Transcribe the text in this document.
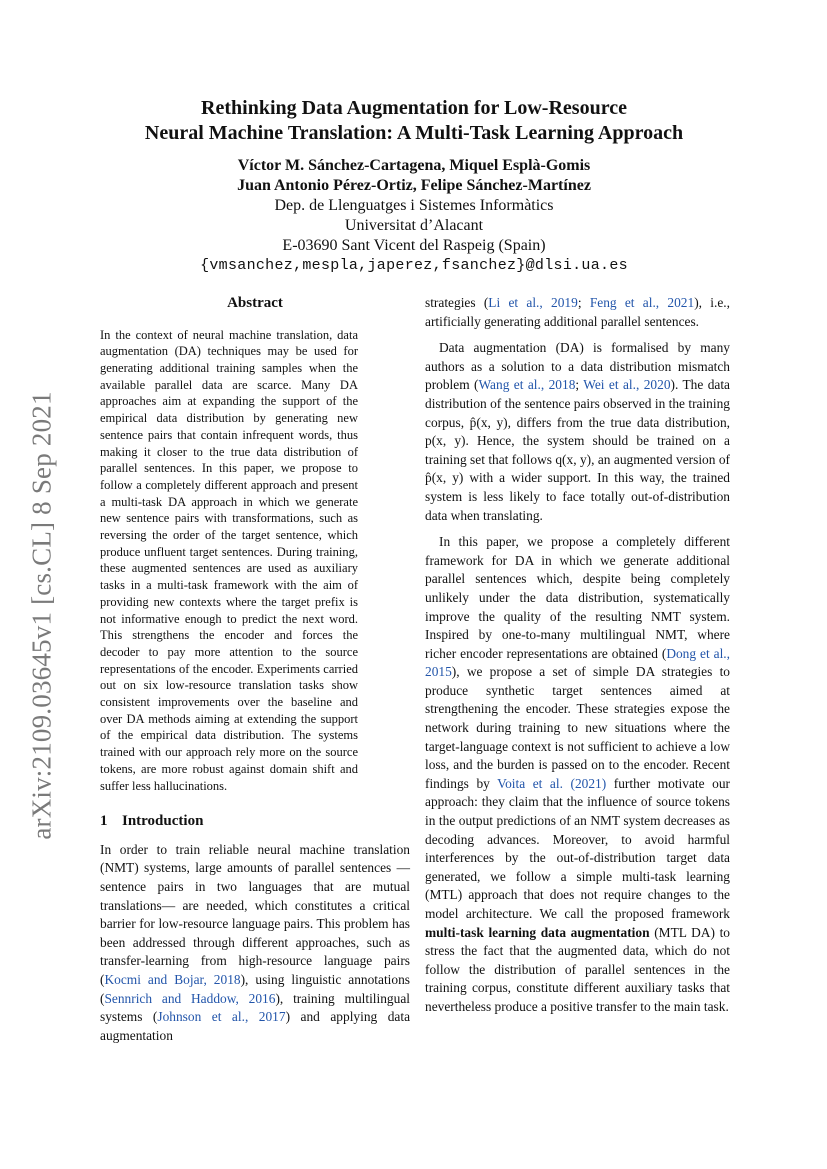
arXiv:2109.03645v1 [cs.CL] 8 Sep 2021
Rethinking Data Augmentation for Low-Resource
Neural Machine Translation: A Multi-Task Learning Approach
Víctor M. Sánchez-Cartagena, Miquel Esplà-Gomis
Juan Antonio Pérez-Ortiz, Felipe Sánchez-Martínez
Dep. de Llenguatges i Sistemes Informàtics
Universitat d’Alacant
E-03690 Sant Vicent del Raspeig (Spain)
{vmsanchez,mespla,japerez,fsanchez}@dlsi.ua.es
Abstract

In the context of neural machine translation, data augmentation (DA) techniques may be used for generating additional training samples when the available parallel data are scarce. Many DA approaches aim at expanding the support of the empirical data distribution by generating new sentence pairs that contain infrequent words, thus making it closer to the true data distribution of parallel sentences. In this paper, we propose to follow a completely different approach and present a multi-task DA approach in which we generate new sentence pairs with transformations, such as reversing the order of the target sentence, which produce unfluent target sentences. During training, these augmented sentences are used as auxiliary tasks in a multi-task framework with the aim of providing new contexts where the target prefix is not informative enough to predict the next word. This strengthens the encoder and forces the decoder to pay more attention to the source representations of the encoder. Experiments carried out on six low-resource translation tasks show consistent improvements over the baseline and over DA methods aiming at extending the support of the empirical data distribution. The systems trained with our approach rely more on the source tokens, are more robust against domain shift and suffer less hallucinations.

1 Introduction

In order to train reliable neural machine translation (NMT) systems, large amounts of parallel sentences —sentence pairs in two languages that are mutual translations— are needed, which constitutes a critical barrier for low-resource language pairs. This problem has been addressed through different approaches, such as transfer-learning from high-resource language pairs (Kocmi and Bojar, 2018), using linguistic annotations (Sennrich and Haddow, 2016), training multilingual systems (Johnson et al., 2017) and applying data augmentation

strategies (Li et al., 2019; Feng et al., 2021), i.e., artificially generating additional parallel sentences.

Data augmentation (DA) is formalised by many authors as a solution to a data distribution mismatch problem (Wang et al., 2018; Wei et al., 2020). The data distribution of the sentence pairs observed in the training corpus, p̂(x, y), differs from the true data distribution, p(x, y). Hence, the system should be trained on a training set that follows q(x, y), an augmented version of p̂(x, y) with a wider support. In this way, the trained system is less likely to face totally out-of-distribution data when translating.

In this paper, we propose a completely different framework for DA in which we generate additional parallel sentences which, despite being completely unlikely under the data distribution, systematically improve the quality of the resulting NMT system. Inspired by one-to-many multilingual NMT, where richer encoder representations are obtained (Dong et al., 2015), we propose a set of simple DA strategies to produce synthetic target sentences aimed at strengthening the encoder. These strategies expose the network during training to new situations where the target-language context is not sufficient to achieve a low loss, and the burden is passed on to the encoder. Recent findings by Voita et al. (2021) further motivate our approach: they claim that the influence of source tokens in the output predictions of an NMT system decreases as decoding advances. Moreover, to avoid harmful interferences by the out-of-distribution target data generated, we follow a simple multi-task learning (MTL) approach that does not require changes to the model architecture. We call the proposed framework multi-task learning data augmentation (MTL DA) to stress the fact that the augmented data, which do not follow the distribution of parallel sentences in the training corpus, constitute different auxiliary tasks that nevertheless produce a positive transfer to the main task.
